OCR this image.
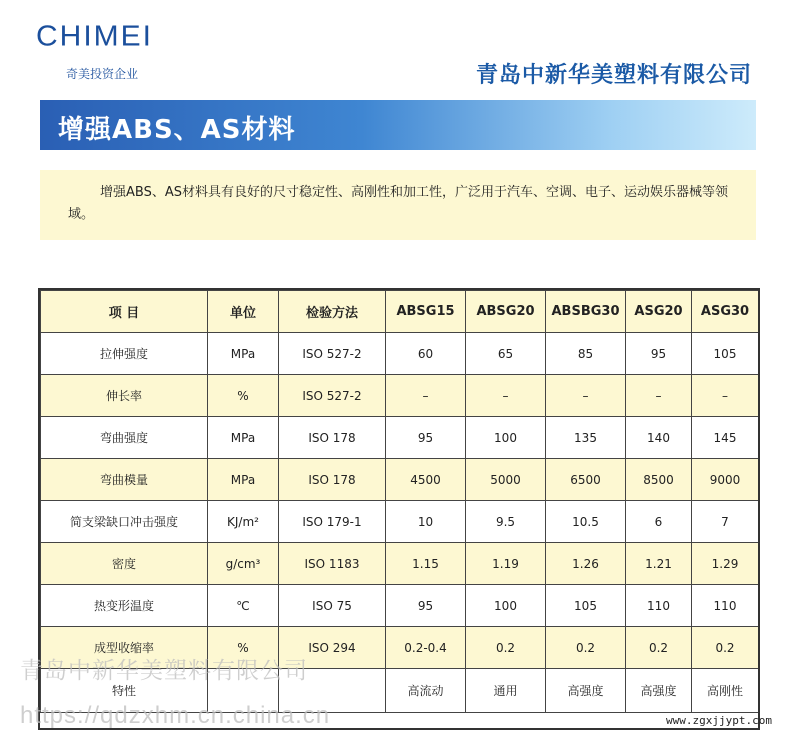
CHIMEI
奇美投资企业	青岛中新华美塑料有限公司
增强ABS、AS材料
增强ABS、AS材料具有良好的尺寸稳定性、高刚性和加工性，广泛用于汽车、空调、电子、运动娱乐器械等领域。
项 目	单位	检验方法	ABSG15	ABSG20	ABSBG30	ASG20	ASG30
拉伸强度	MPa	ISO 527-2	60	65	85	95	105
伸长率	%	ISO 527-2	–	–	–	–	–
弯曲强度	MPa	ISO 178	95	100	135	140	145
弯曲模量	MPa	ISO 178	4500	5000	6500	8500	9000
简支梁缺口冲击强度	KJ/m²	ISO 179-1	10	9.5	10.5	6	7
密度	g/cm³	ISO 1183	1.15	1.19	1.26	1.21	1.29
热变形温度	℃	ISO 75	95	100	105	110	110
成型收缩率	%	ISO 294	0.2-0.4	0.2	0.2	0.2	0.2
特性			高流动	通用	高强度	高强度	高刚性
青岛中新华美塑料有限公司
https://qdzxhm.cn.china.cn	www.zgxjjypt.com
